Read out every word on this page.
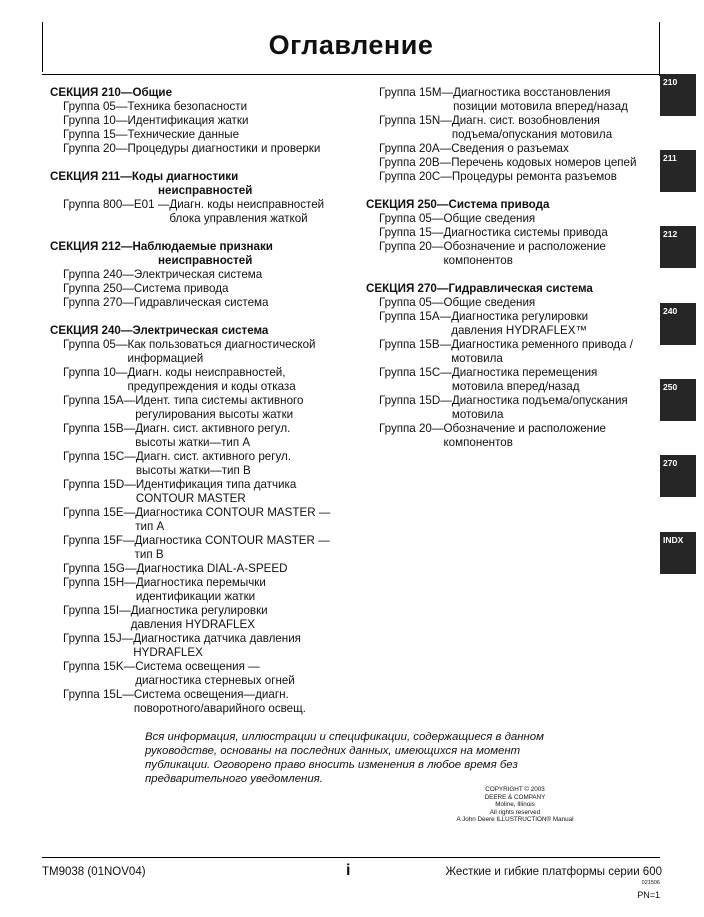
Оглавление
СЕКЦИЯ 210—Общие
Группа 05— Техника безопасности
Группа 10— Идентификация жатки
Группа 15— Технические данные
Группа 20— Процедуры диагностики и проверки
СЕКЦИЯ 211—Коды диагностики
неисправностей
Группа 800—E01 — Диагн. коды неисправностей
блока управления жаткой
СЕКЦИЯ 212—Наблюдаемые признаки
неисправностей
Группа 240— Электрическая система
Группа 250— Система привода
Группа 270— Гидравлическая система
СЕКЦИЯ 240—Электрическая система
Группа 05— Как пользоваться диагностической
информацией
Группа 10— Диагн. коды неисправностей,
предупреждения и коды отказа
Группа 15A— Идент. типа системы активного
регулирования высоты жатки
Группа 15B— Диагн. сист. активного регул.
высоты жатки—тип A
Группа 15C— Диагн. сист. активного регул.
высоты жатки—тип B
Группа 15D— Идентификация типа датчика
CONTOUR MASTER
Группа 15E— Диагностика CONTOUR MASTER —
тип A
Группа 15F— Диагностика CONTOUR MASTER —
тип B
Группа 15G— Диагностика DIAL-A-SPEED
Группа 15H— Диагностика перемычки
идентификации жатки
Группа 15I— Диагностика регулировки
давления HYDRAFLEX
Группа 15J— Диагностика датчика давления
HYDRAFLEX
Группа 15K— Система освещения —
диагностика стерневых огней
Группа 15L— Система освещения—диагн.
поворотного/аварийного освещ.
Группа 15M— Диагностика восстановления
позиции мотовила вперед/назад
Группа 15N— Диагн. сист. возобновления
подъема/опускания мотовила
Группа 20A— Сведения о разъемах
Группа 20B— Перечень кодовых номеров цепей
Группа 20C— Процедуры ремонта разъемов
СЕКЦИЯ 250—Система привода
Группа 05— Общие сведения
Группа 15— Диагностика системы привода
Группа 20— Обозначение и расположение
компонентов
СЕКЦИЯ 270—Гидравлическая система
Группа 05— Общие сведения
Группа 15A— Диагностика регулировки
давления HYDRAFLEX™
Группа 15B— Диагностика ременного привода /
мотовила
Группа 15C— Диагностика перемещения
мотовила вперед/назад
Группа 15D— Диагностика подъема/опускания
мотовила
Группа 20— Обозначение и расположение
компонентов
Вся информация, иллюстрации и спецификации, содержащиеся в данном руководстве, основаны на последних данных, имеющихся на момент публикации. Оговорено право вносить изменения в любое время без предварительного уведомления.
COPYRIGHT © 2003
DEERE & COMPANY
Moline, Illinois
All rights reserved
A John Deere ILLUSTRUCTION® Manual
210
211
212
240
250
270
INDX
TM9038 (01NOV04)	i	Жесткие и гибкие платформы серии 600
021506
PN=1
